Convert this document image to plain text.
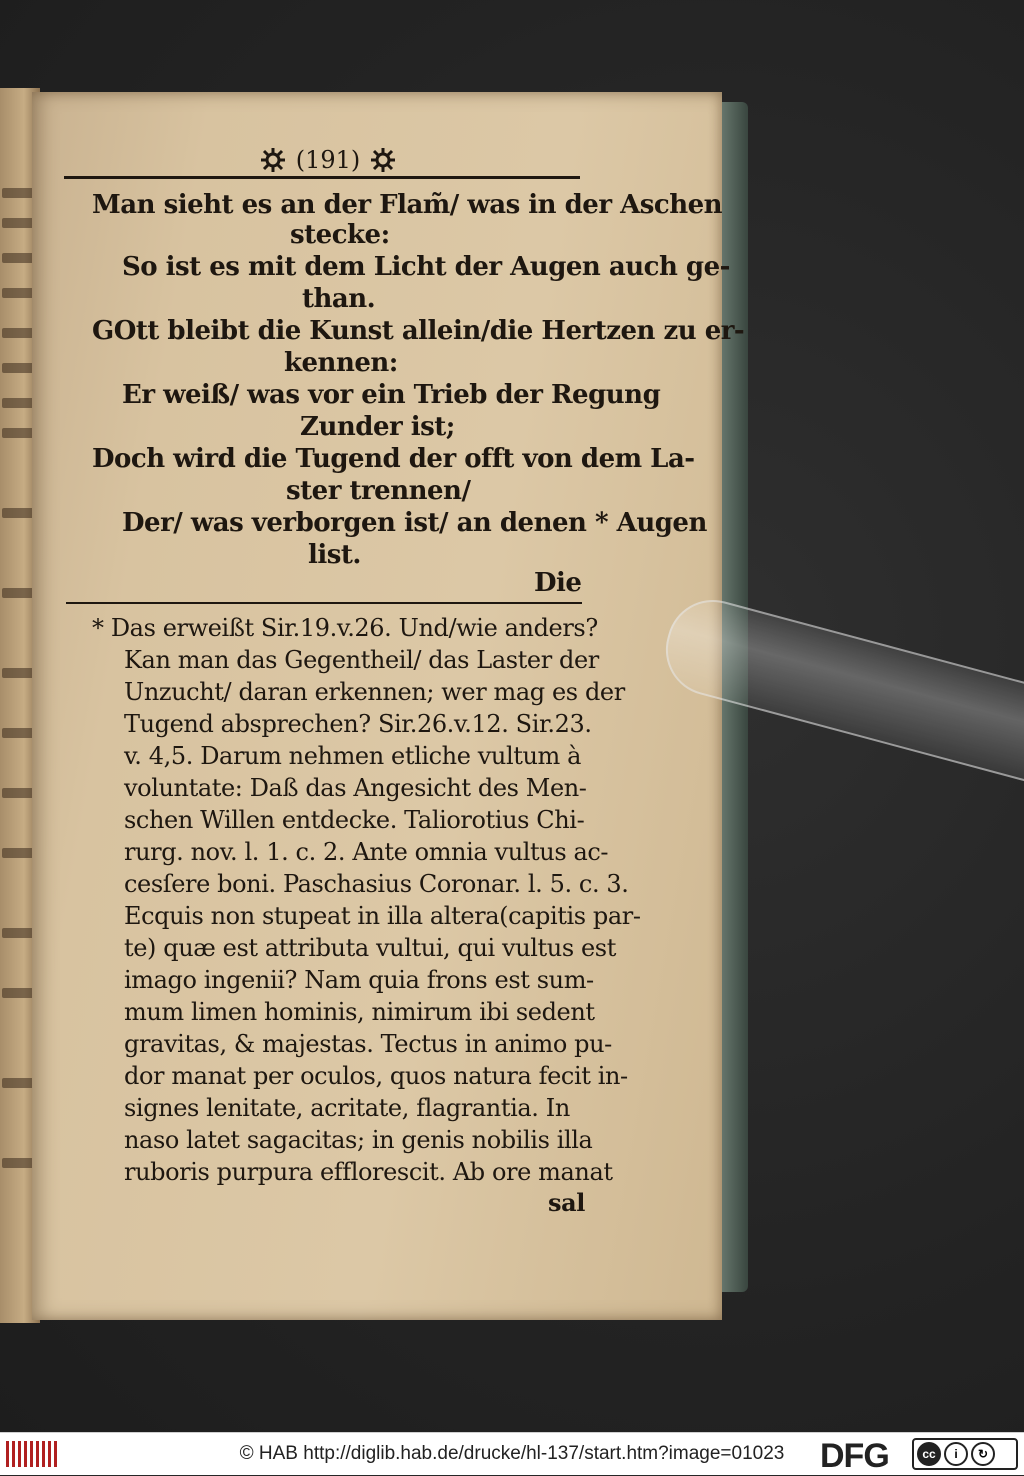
(191)
Man sieht es an der Flam̃/ was in der Aschen
stecke:
So ist es mit dem Licht der Augen auch ge-
than.
GOtt bleibt die Kunst allein/die Hertzen zu er-
kennen:
Er weiß/ was vor ein Trieb der Regung
Zunder ist;
Doch wird die Tugend der offt von dem La-
ster trennen/
Der/ was verborgen ist/ an denen * Augen
list.
Die
* Das erweißt Sir.19.v.26. Und/wie anders?
Kan man das Gegentheil/ das Laster der
Unzucht/ daran erkennen; wer mag es der
Tugend absprechen? Sir.26.v.12. Sir.23.
v. 4,5. Darum nehmen etliche vultum à
voluntate: Daß das Angesicht des Men-
schen Willen entdecke. Taliorotius Chi-
rurg. nov. l. 1. c. 2. Ante omnia vultus ac-
cesſere boni. Paschasius Coronar. l. 5. c. 3.
Ecquis non stupeat in illa altera(capitis par-
te) quæ est attributa vultui, qui vultus est
imago ingenii? Nam quia frons est sum-
mum limen hominis, nimirum ibi sedent
gravitas, & majestas. Tectus in animo pu-
dor manat per oculos, quos natura fecit in-
signes lenitate, acritate, flagrantia. In
naso latet sagacitas; in genis nobilis illa
ruboris purpura efflorescit. Ab ore manat
sal
© HAB http://diglib.hab.de/drucke/hl-137/start.htm?image=01023	DFG	cc	i	↻
